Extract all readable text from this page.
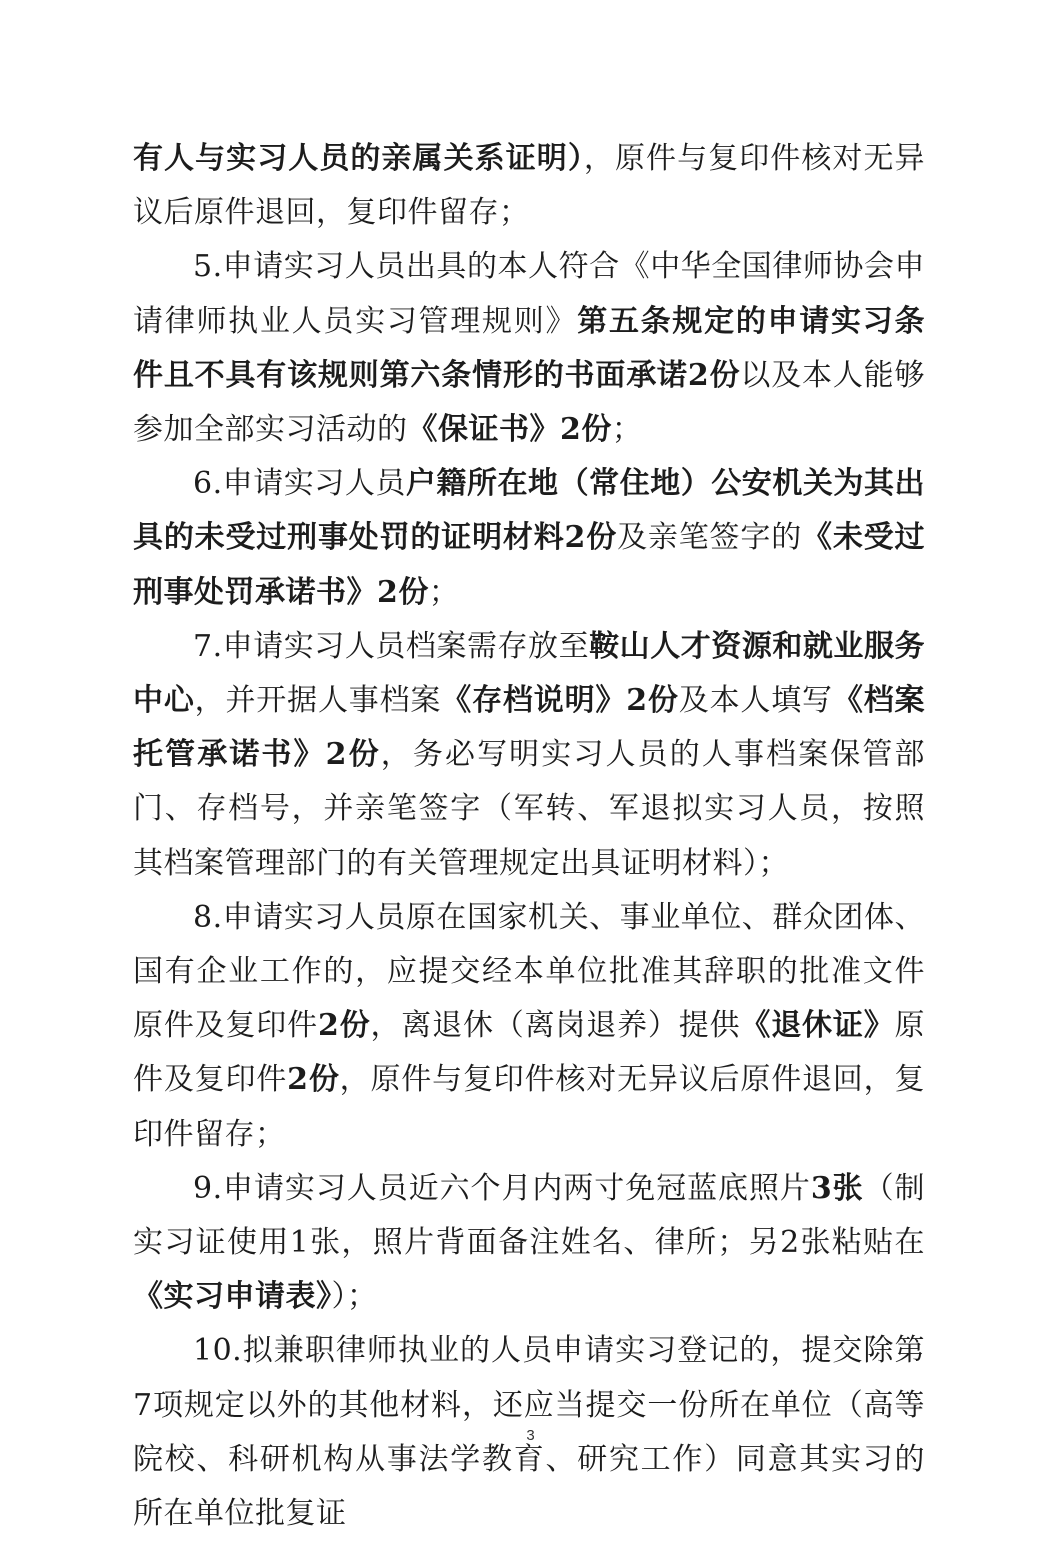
有人与实习人员的亲属关系证明），原件与复印件核对无异议后原件退回，复印件留存；

5.申请实习人员出具的本人符合《中华全国律师协会申请律师执业人员实习管理规则》第五条规定的申请实习条件且不具有该规则第六条情形的书面承诺2份以及本人能够参加全部实习活动的《保证书》2份；

6.申请实习人员户籍所在地（常住地）公安机关为其出具的未受过刑事处罚的证明材料2份及亲笔签字的《未受过刑事处罚承诺书》2份；

7.申请实习人员档案需存放至鞍山人才资源和就业服务中心，并开据人事档案《存档说明》2份及本人填写《档案托管承诺书》2份，务必写明实习人员的人事档案保管部门、存档号，并亲笔签字（军转、军退拟实习人员，按照其档案管理部门的有关管理规定出具证明材料）；

8.申请实习人员原在国家机关、事业单位、群众团体、国有企业工作的，应提交经本单位批准其辞职的批准文件原件及复印件2份，离退休（离岗退养）提供《退休证》原件及复印件2份，原件与复印件核对无异议后原件退回，复印件留存；

9.申请实习人员近六个月内两寸免冠蓝底照片3张（制实习证使用1张，照片背面备注姓名、律所；另2张粘贴在《实习申请表》）；

10.拟兼职律师执业的人员申请实习登记的，提交除第7项规定以外的其他材料，还应当提交一份所在单位（高等院校、科研机构从事法学教育、研究工作）同意其实习的所在单位批复证

3
